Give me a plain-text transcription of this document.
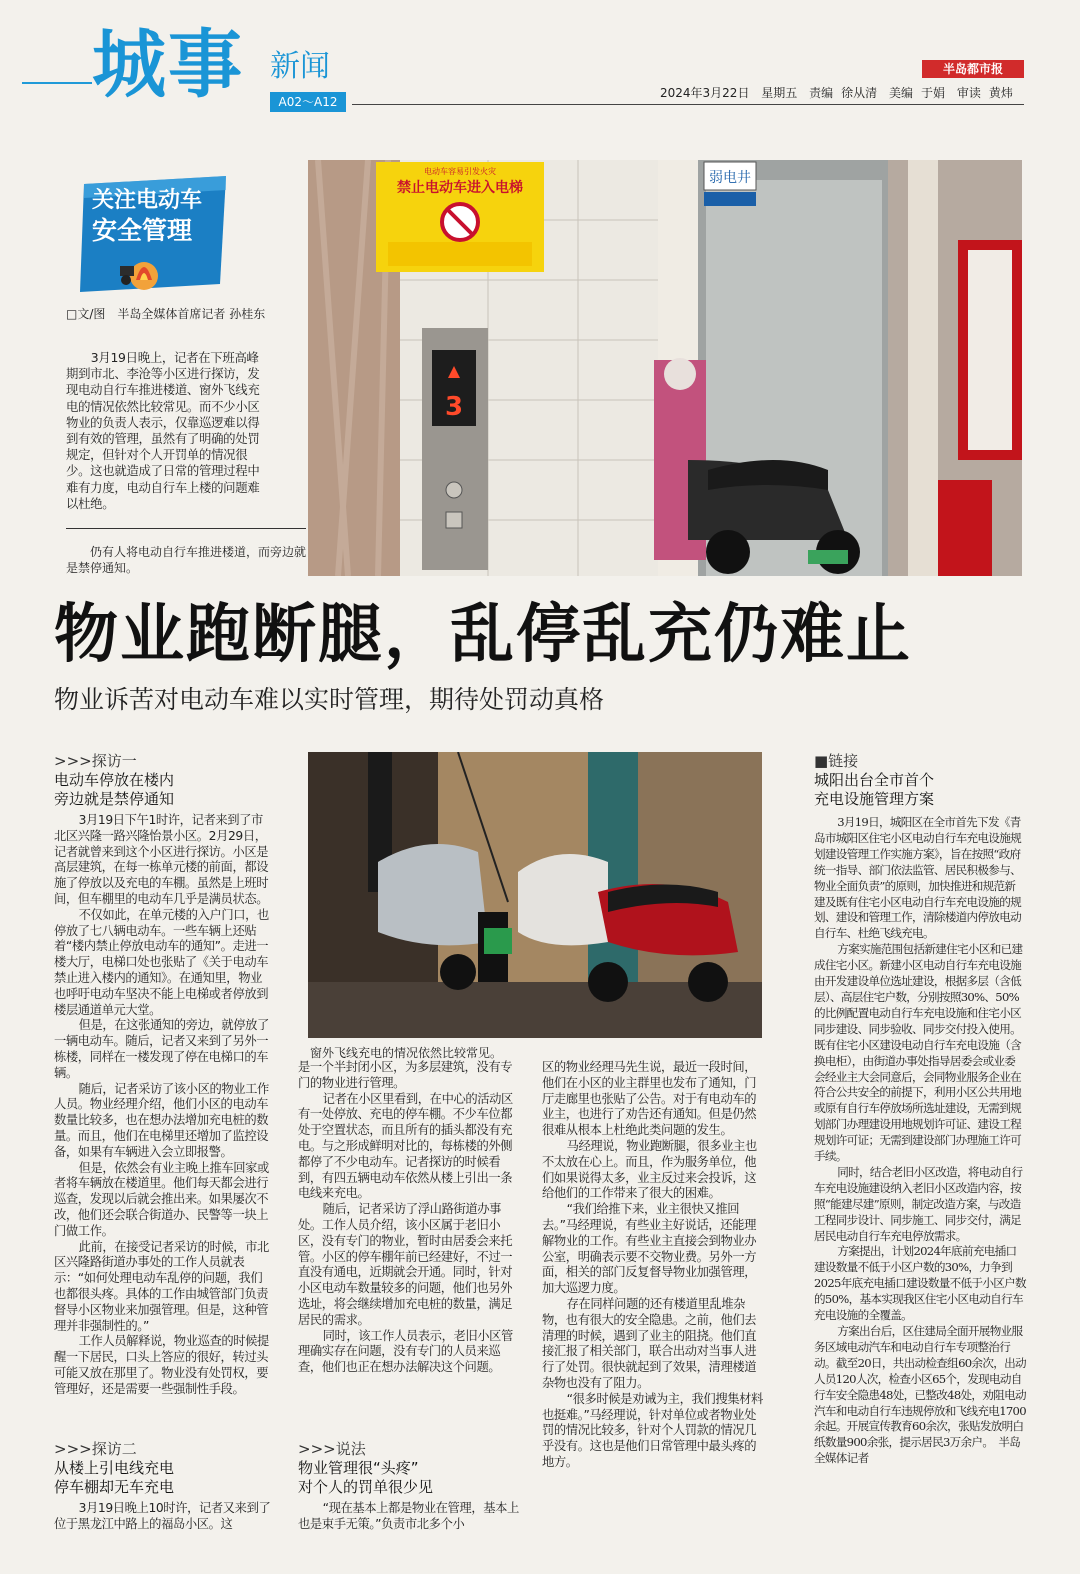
城事 新闻
A02～A12
半岛都市报
2024年3月22日 星期五 责编 徐从清 美编 于娟 审读 黄炜
关注电动车
安全管理
□文/图　半岛全媒体首席记者 孙桂东
3月19日晚上，记者在下班高峰期到市北、李沧等小区进行探访，发现电动自行车推进楼道、窗外飞线充电的情况依然比较常见。而不少小区物业的负责人表示，仅靠巡逻难以得到有效的管理，虽然有了明确的处罚规定，但针对个人开罚单的情况很少。这也就造成了日常的管理过程中难有力度，电动自行车上楼的问题难以杜绝。
仍有人将电动自行车推进楼道，而旁边就是禁停通知。
电动车容易引发火灾
禁止电动车进入电梯
3
弱电井
物业跑断腿，乱停乱充仍难止
物业诉苦对电动车难以实时管理，期待处罚动真格
窗外飞线充电的情况依然比较常见。
>>>探访一
电动车停放在楼内
旁边就是禁停通知

3月19日下午1时许，记者来到了市北区兴隆一路兴隆怡景小区。2月29日，记者就曾来到这个小区进行探访。小区是高层建筑，在每一栋单元楼的前面，都设施了停放以及充电的车棚。虽然是上班时间，但车棚里的电动车几乎是满员状态。

不仅如此，在单元楼的入户门口，也停放了七八辆电动车。一些车辆上还贴着“楼内禁止停放电动车的通知”。走进一楼大厅，电梯口处也张贴了《关于电动车禁止进入楼内的通知》。在通知里，物业也呼吁电动车坚决不能上电梯或者停放到楼层通道单元大堂。

但是，在这张通知的旁边，就停放了一辆电动车。随后，记者又来到了另外一栋楼，同样在一楼发现了停在电梯口的车辆。

随后，记者采访了该小区的物业工作人员。物业经理介绍，他们小区的电动车数量比较多，也在想办法增加充电桩的数量。而且，他们在电梯里还增加了监控设备，如果有车辆进入会立即报警。

但是，依然会有业主晚上推车回家或者将车辆放在楼道里。他们每天都会进行巡查，发现以后就会推出来。如果屡次不改，他们还会联合街道办、民警等一块上门做工作。

此前，在接受记者采访的时候，市北区兴隆路街道办事处的工作人员就表示：“如何处理电动车乱停的问题，我们也都很头疼。具体的工作由城管部门负责督导小区物业来加强管理。但是，这种管理并非强制性的。”

工作人员解释说，物业巡查的时候提醒一下居民，口头上答应的很好，转过头可能又放在那里了。物业没有处罚权，要管理好，还是需要一些强制性手段。

>>>探访二
从楼上引电线充电
停车棚却无车充电

3月19日晚上10时许，记者又来到了位于黑龙江中路上的福岛小区。这

是一个半封闭小区，为多层建筑，没有专门的物业进行管理。

记者在小区里看到，在中心的活动区有一处停放、充电的停车棚。不少车位都处于空置状态，而且所有的插头都没有充电。与之形成鲜明对比的，每栋楼的外侧都停了不少电动车。记者探访的时候看到，有四五辆电动车依然从楼上引出一条电线来充电。

随后，记者采访了浮山路街道办事处。工作人员介绍，该小区属于老旧小区，没有专门的物业，暂时由居委会来托管。小区的停车棚年前已经建好，不过一直没有通电，近期就会开通。同时，针对小区电动车数量较多的问题，他们也另外选址，将会继续增加充电桩的数量，满足居民的需求。

同时，该工作人员表示，老旧小区管理确实存在问题，没有专门的人员来巡查，他们也正在想办法解决这个问题。

>>>说法
物业管理很“头疼”
对个人的罚单很少见

“现在基本上都是物业在管理，基本上也是束手无策。”负责市北多个小

区的物业经理马先生说，最近一段时间，他们在小区的业主群里也发布了通知，门厅走廊里也张贴了公告。对于有电动车的业主，也进行了劝告还有通知。但是仍然很难从根本上杜绝此类问题的发生。

马经理说，物业跑断腿，很多业主也不太放在心上。而且，作为服务单位，他们如果说得太多，业主反过来会投诉，这给他们的工作带来了很大的困难。

“我们给推下来，业主很快又推回去。”马经理说，有些业主好说话，还能理解物业的工作。有些业主直接会到物业办公室，明确表示要不交物业费。另外一方面，相关的部门反复督导物业加强管理，加大巡逻力度。

存在同样问题的还有楼道里乱堆杂物，也有很大的安全隐患。之前，他们去清理的时候，遇到了业主的阻挠。他们直接汇报了相关部门，联合出动对当事人进行了处罚。很快就起到了效果，清理楼道杂物也没有了阻力。

“很多时候是劝诫为主，我们搜集材料也挺难。”马经理说，针对单位或者物业处罚的情况比较多，针对个人罚款的情况几乎没有。这也是他们日常管理中最头疼的地方。

■链接
城阳出台全市首个
充电设施管理方案

3月19日，城阳区在全市首先下发《青岛市城阳区住宅小区电动自行车充电设施规划建设管理工作实施方案》，旨在按照“政府统一指导、部门依法监管、居民积极参与、物业全面负责”的原则，加快推进和规范新建及既有住宅小区电动自行车充电设施的规划、建设和管理工作，清除楼道内停放电动自行车、杜绝飞线充电。

方案实施范围包括新建住宅小区和已建成住宅小区。新建小区电动自行车充电设施由开发建设单位选址建设，根据多层（含低层）、高层住宅户数，分别按照30%、50%的比例配置电动自行车充电设施和住宅小区同步建设、同步验收、同步交付投入使用。既有住宅小区建设电动自行车充电设施（含换电柜），由街道办事处指导居委会或业委会经业主大会同意后，会同物业服务企业在符合公共安全的前提下，利用小区公共用地或原有自行车停放场所选址建设，无需到规划部门办理建设用地规划许可证、建设工程规划许可证；无需到建设部门办理施工许可手续。

同时，结合老旧小区改造，将电动自行车充电设施建设纳入老旧小区改造内容，按照“能建尽建”原则，制定改造方案，与改造工程同步设计、同步施工、同步交付，满足居民电动自行车充电停放需求。

方案提出，计划2024年底前充电插口建设数量不低于小区户数的30%，力争到2025年底充电插口建设数量不低于小区户数的50%，基本实现我区住宅小区电动自行车充电设施的全覆盖。

方案出台后，区住建局全面开展物业服务区域电动汽车和电动自行车专项整治行动。截至20日，共出动检查组60余次，出动人员120人次，检查小区65个，发现电动自行车安全隐患48处，已整改48处，劝阻电动汽车和电动自行车违规停放和飞线充电1700余起。开展宣传教育60余次，张贴发放明白纸数量900余张，提示居民3万余户。　半岛全媒体记者
